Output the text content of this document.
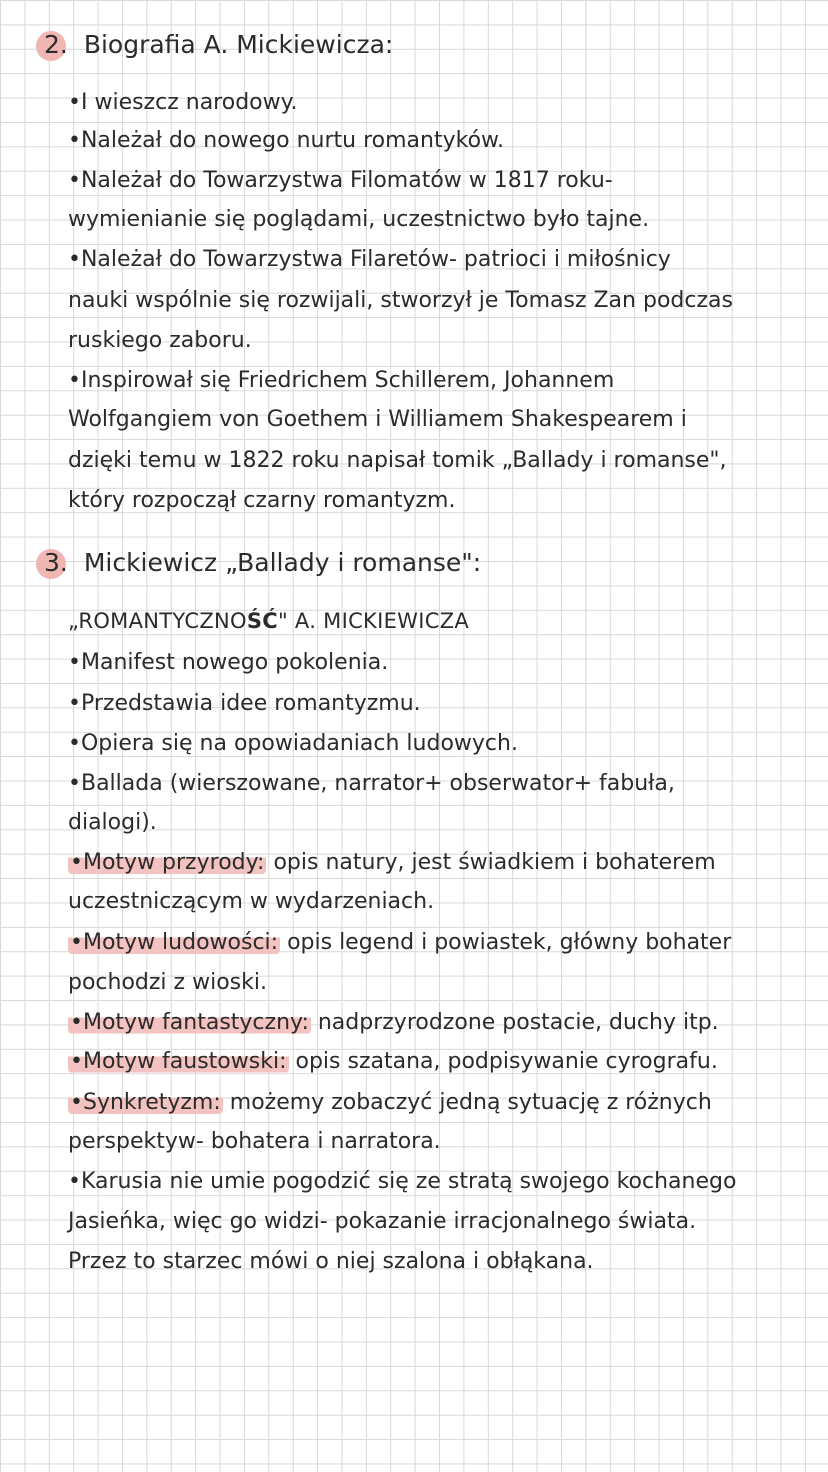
2. Biografia A. Mickiewicza:
•I wieszcz narodowy.
•Należał do nowego nurtu romantyków.
•Należał do Towarzystwa Filomatów w 1817 roku-
wymienianie się poglądami, uczestnictwo było tajne.
•Należał do Towarzystwa Filaretów- patrioci i miłośnicy
nauki wspólnie się rozwijali, stworzył je Tomasz Zan podczas
ruskiego zaboru.
•Inspirował się Friedrichem Schillerem, Johannem
Wolfgangiem von Goethem i Williamem Shakespearem i
dzięki temu w 1822 roku napisał tomik „Ballady i romanse",
który rozpoczął czarny romantyzm.
3. Mickiewicz „Ballady i romanse":
„ROMANTYCZNOŚĆ" A. MICKIEWICZA
•Manifest nowego pokolenia.
•Przedstawia idee romantyzmu.
•Opiera się na opowiadaniach ludowych.
•Ballada (wierszowane, narrator+ obserwator+ fabuła,
dialogi).
•Motyw przyrody: opis natury, jest świadkiem i bohaterem
uczestniczącym w wydarzeniach.
•Motyw ludowości: opis legend i powiastek, główny bohater
pochodzi z wioski.
•Motyw fantastyczny: nadprzyrodzone postacie, duchy itp.
•Motyw faustowski: opis szatana, podpisywanie cyrografu.
•Synkretyzm: możemy zobaczyć jedną sytuację z różnych
perspektyw- bohatera i narratora.
•Karusia nie umie pogodzić się ze stratą swojego kochanego
Jasieńka, więc go widzi- pokazanie irracjonalnego świata.
Przez to starzec mówi o niej szalona i obłąkana.
